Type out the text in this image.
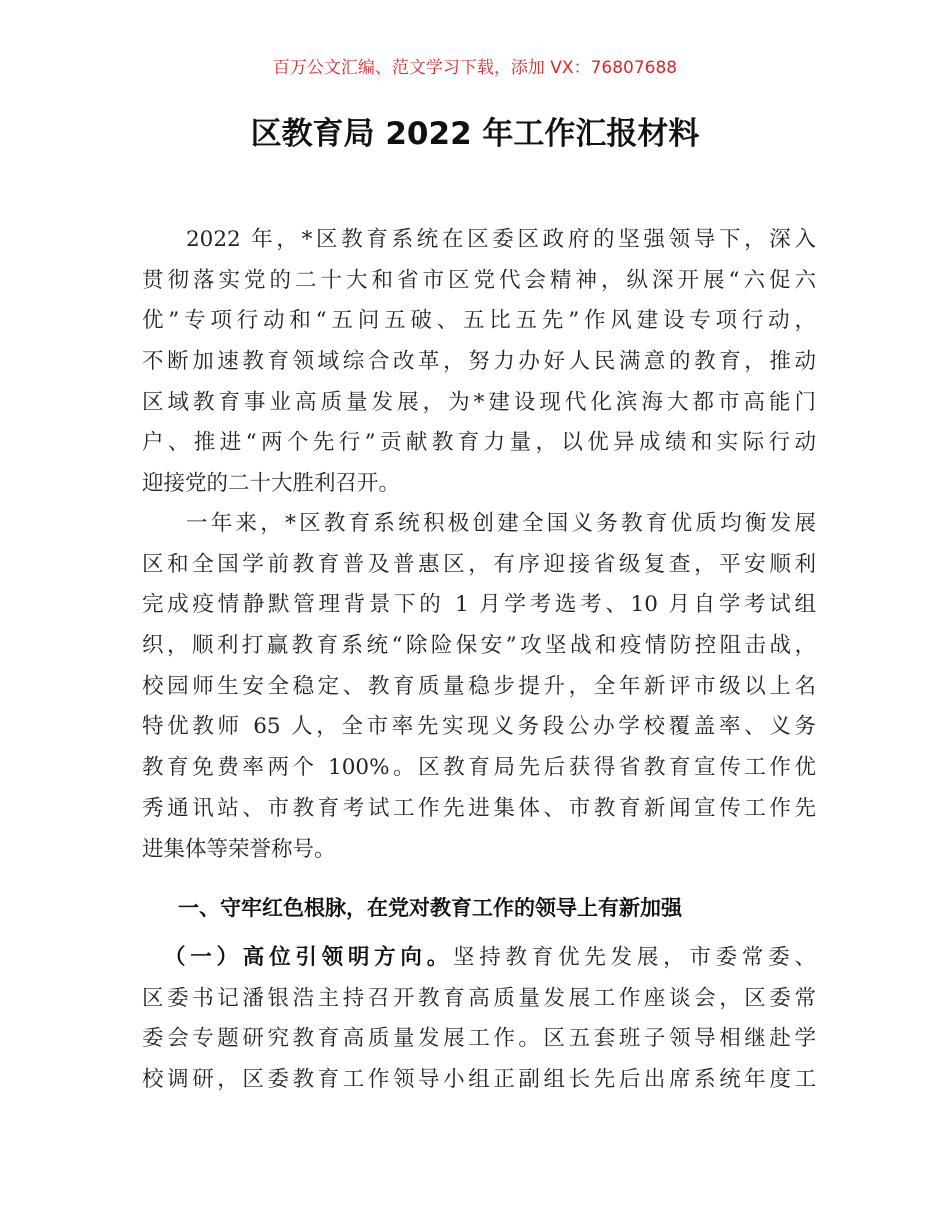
百万公文汇编、范文学习下载，添加 VX：76807688
区教育局 2022 年工作汇报材料
2022 年，*区教育系统在区委区政府的坚强领导下，深入
贯彻落实党的二十大和省市区党代会精神，纵深开展“六促六
优”专项行动和“五问五破、五比五先”作风建设专项行动，
不断加速教育领域综合改革，努力办好人民满意的教育，推动
区域教育事业高质量发展，为*建设现代化滨海大都市高能门
户、推进“两个先行”贡献教育力量，以优异成绩和实际行动
迎接党的二十大胜利召开。
一年来，*区教育系统积极创建全国义务教育优质均衡发展
区和全国学前教育普及普惠区，有序迎接省级复查，平安顺利
完成疫情静默管理背景下的 1 月学考选考、10 月自学考试组
织，顺利打赢教育系统“除险保安”攻坚战和疫情防控阻击战，
校园师生安全稳定、教育质量稳步提升，全年新评市级以上名
特优教师 65 人，全市率先实现义务段公办学校覆盖率、义务
教育免费率两个 100%。区教育局先后获得省教育宣传工作优
秀通讯站、市教育考试工作先进集体、市教育新闻宣传工作先
进集体等荣誉称号。
一、守牢红色根脉，在党对教育工作的领导上有新加强
（一）高位引领明方向。坚持教育优先发展，市委常委、
区委书记潘银浩主持召开教育高质量发展工作座谈会，区委常
委会专题研究教育高质量发展工作。区五套班子领导相继赴学
校调研，区委教育工作领导小组正副组长先后出席系统年度工
